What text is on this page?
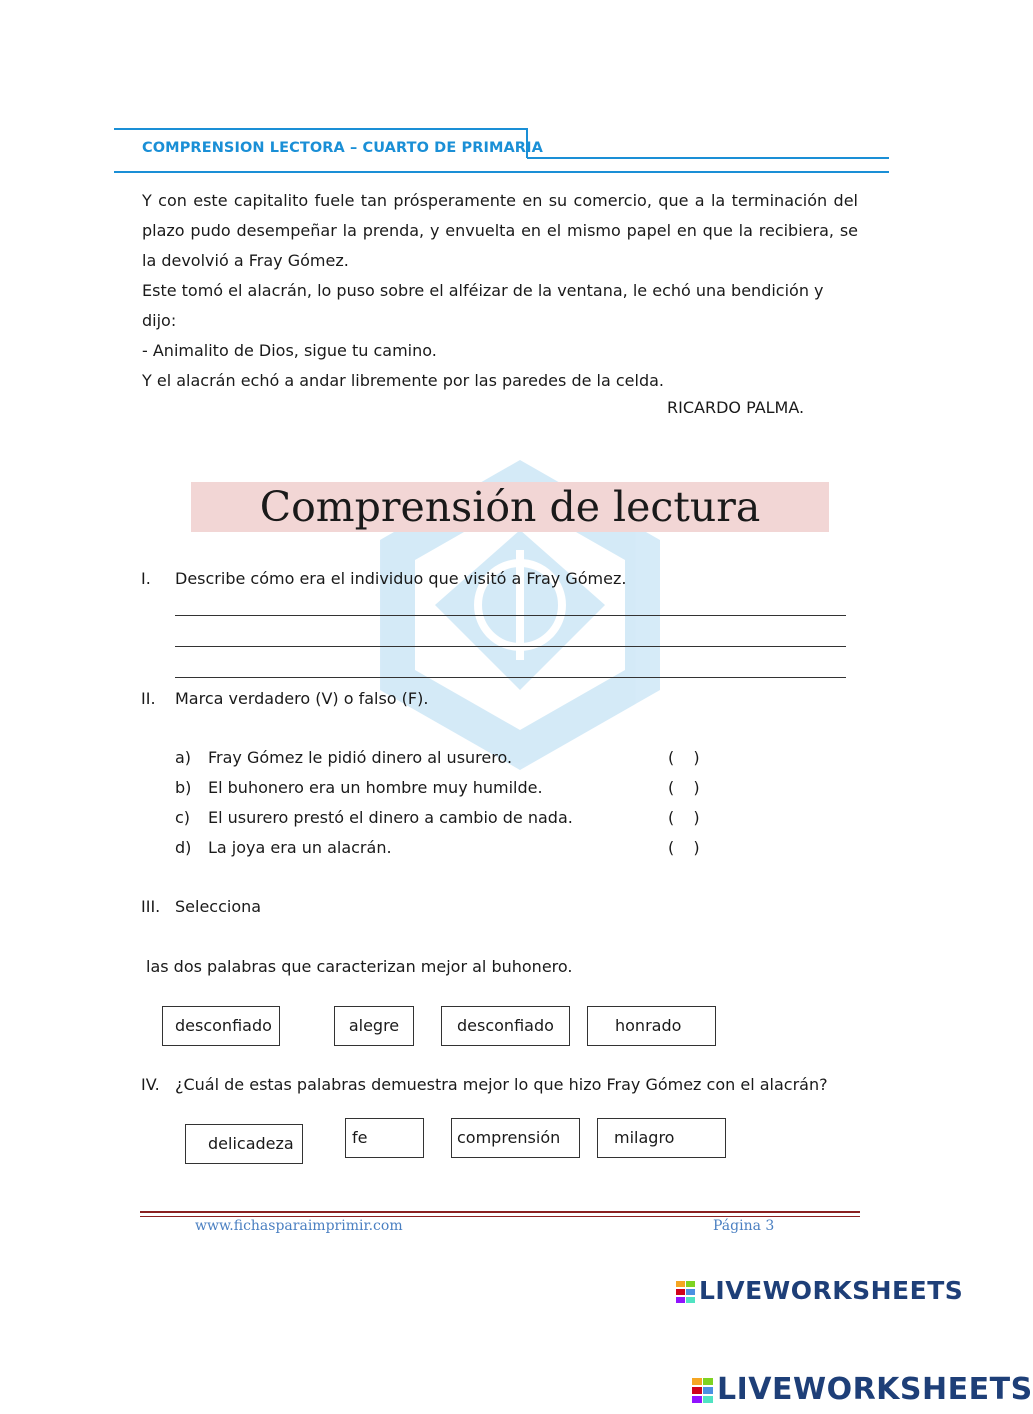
COMPRENSION LECTORA – CUARTO DE PRIMARIA

Y con este capitalito fuele tan prósperamente en su comercio, que a la terminación del plazo pudo desempeñar la prenda, y envuelta en el mismo papel en que la recibiera, se la devolvió a Fray Gómez.

Este tomó el alacrán, lo puso sobre el alféizar de la ventana, le echó una bendición y dijo:

- Animalito de Dios, sigue tu camino.

Y el alacrán echó a andar libremente por las paredes de la celda.

RICARDO PALMA.
Comprensión de lectura
I. Describe cómo era el individuo que visitó a Fray Gómez.
II. Marca verdadero (V) o falso (F).
a) Fray Gómez le pidió dinero al usurero.	( )
b) El buhonero era un hombre muy humilde.	( )
c) El usurero prestó el dinero a cambio de nada.	( )
d) La joya era un alacrán.	( )
III. Selecciona
las dos palabras que caracterizan mejor al buhonero.
desconfiado	alegre	desconfiado	honrado
IV. ¿Cuál de estas palabras demuestra mejor lo que hizo Fray Gómez con el alacrán?
delicadeza	fe	comprensión	milagro
www.fichasparaimprimir.com	Página 3
LIVEWORKSHEETS
LIVEWORKSHEETS
